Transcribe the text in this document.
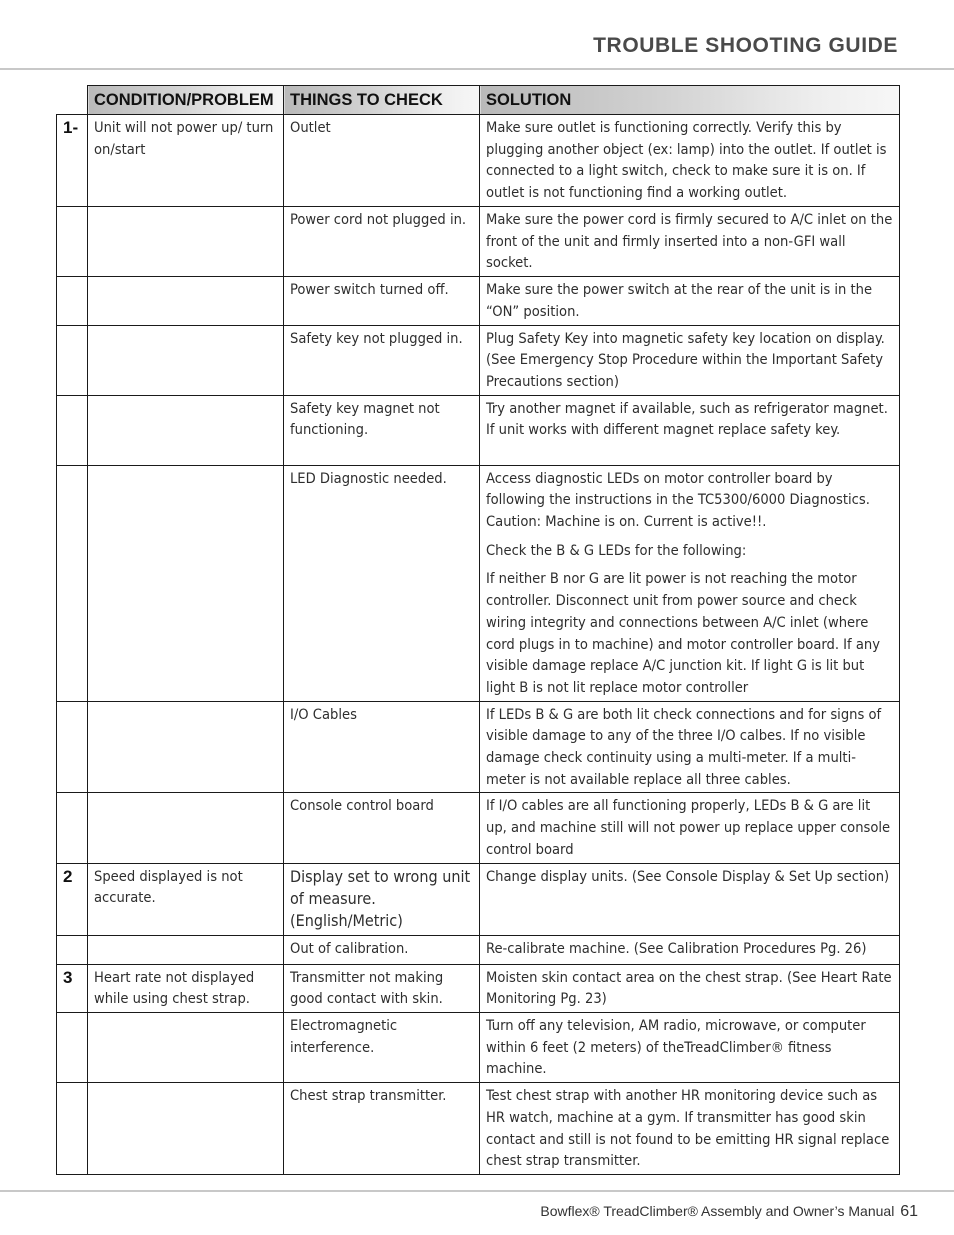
TROUBLE SHOOTING GUIDE
	CONDITION/PROBLEM	THINGS TO CHECK	SOLUTION
1-	Unit will not power up/ turn on/start	Outlet	Make sure outlet is functioning correctly. Verify this by plugging another object (ex: lamp) into the outlet. If outlet is connected to a light switch, check to make sure it is on. If outlet is not functioning find a working outlet.

		Power cord not plugged in.	Make sure the power cord is firmly secured to A/C inlet on the front of the unit and firmly inserted into a non-GFI wall socket.

		Power switch turned off.	Make sure the power switch at the rear of the unit is in the “ON” position.

		Safety key not plugged in.	Plug Safety Key into magnetic safety key location on display. (See Emergency Stop Procedure within the Important Safety Precautions section)

		Safety key magnet not functioning.	Try another magnet if available, such as refrigerator magnet. If unit works with different magnet replace safety key.

		LED Diagnostic needed.	Access diagnostic LEDs on motor controller board by following the instructions in the TC5300/6000 Diagnostics. Caution: Machine is on. Current is active!!.
Check the B & G LEDs for the following:
If neither B nor G are lit power is not reaching the motor controller. Disconnect unit from power source and check wiring integrity and connections between A/C inlet (where cord plugs in to machine) and motor controller board. If any visible damage replace A/C junction kit. If light G is lit but light B is not lit replace motor controller

		I/O Cables	If LEDs B & G are both lit check connections and for signs of visible damage to any of the three I/O calbes. If no visible damage check continuity using a multi-meter. If a multi-meter is not available replace all three cables.

		Console control board	If I/O cables are all functioning properly, LEDs B & G are lit up, and machine still will not power up replace upper console control board

2	Speed displayed is not accurate.	Display set to wrong unit of measure. (English/Metric)	Change display units. (See Console Display & Set Up section)

		Out of calibration.	Re-calibrate machine. (See Calibration Procedures Pg. 26)

3	Heart rate not displayed while using chest strap.	Transmitter not making good contact with skin.	Moisten skin contact area on the chest strap. (See Heart Rate Monitoring Pg. 23)

		Electromagnetic interference.	Turn off any television, AM radio, microwave, or computer within 6 feet (2 meters) of theTreadClimber® fitness machine.

		Chest strap transmitter.	Test chest strap with another HR monitoring device such as HR watch, machine at a gym. If transmitter has good skin contact and still is not found to be emitting HR signal replace chest strap transmitter.
Bowflex® TreadClimber® Assembly and Owner’s Manual 61
